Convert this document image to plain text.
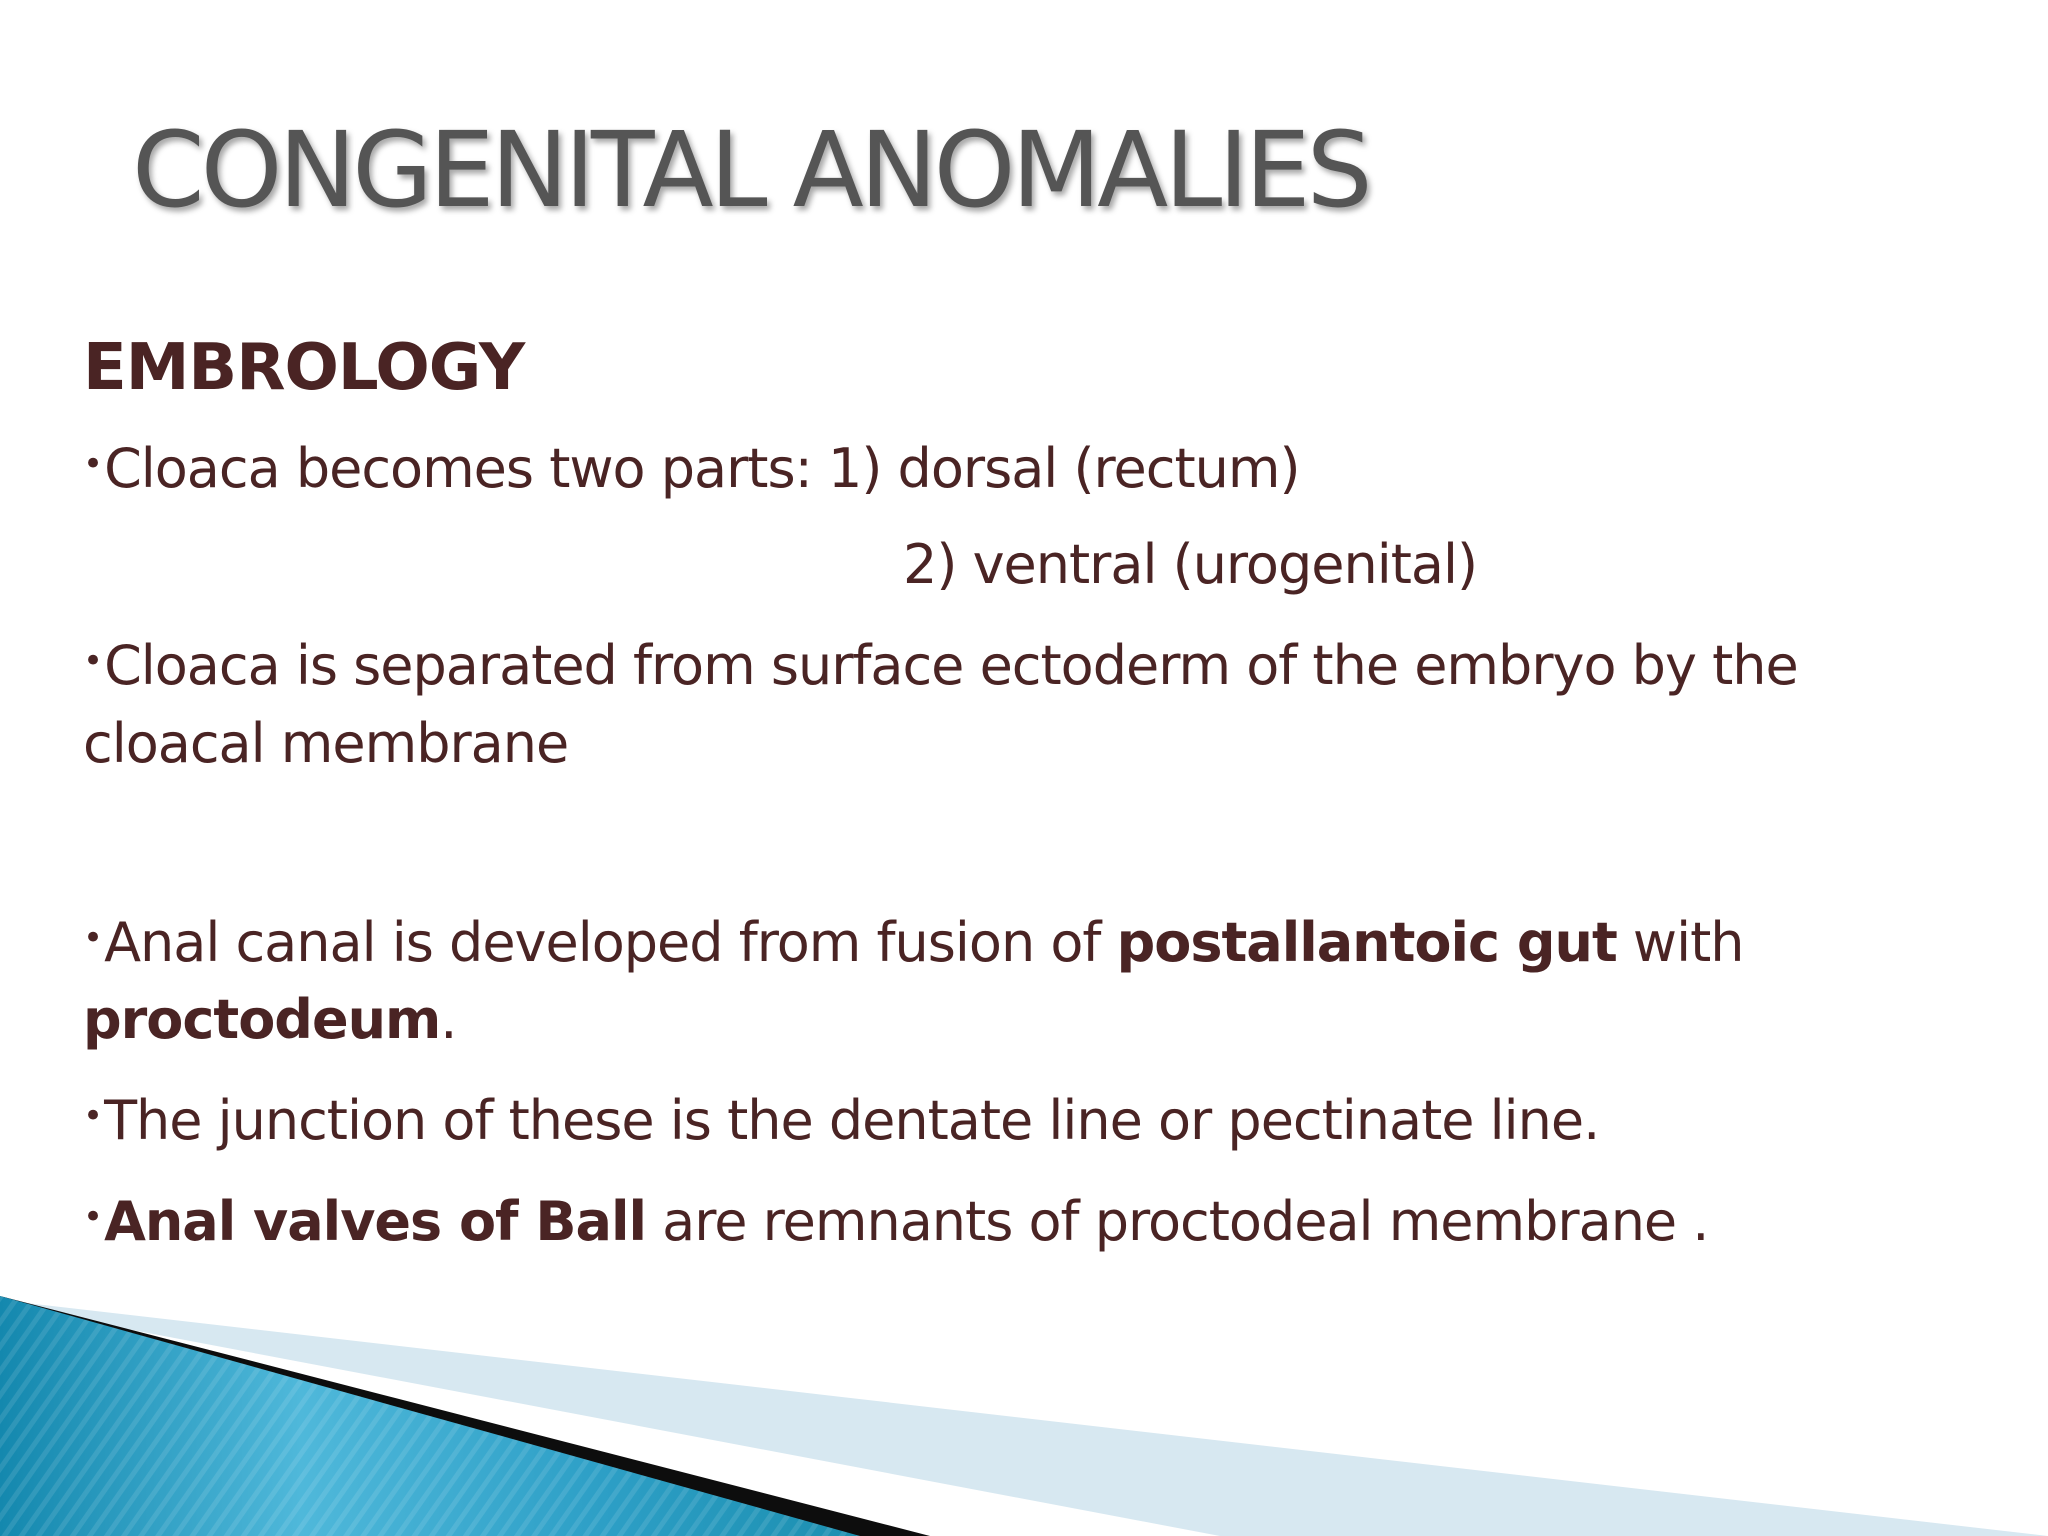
CONGENITAL ANOMALIES
EMBROLOGY

•Cloaca becomes two parts: 1) dorsal (rectum)

2) ventral (urogenital)

•Cloaca is separated from surface ectoderm of the embryo by the

cloacal membrane

•Anal canal is developed from fusion of postallantoic gut with

proctodeum.

•The junction of these is the dentate line or pectinate line.

•Anal valves of Ball are remnants of proctodeal membrane .
